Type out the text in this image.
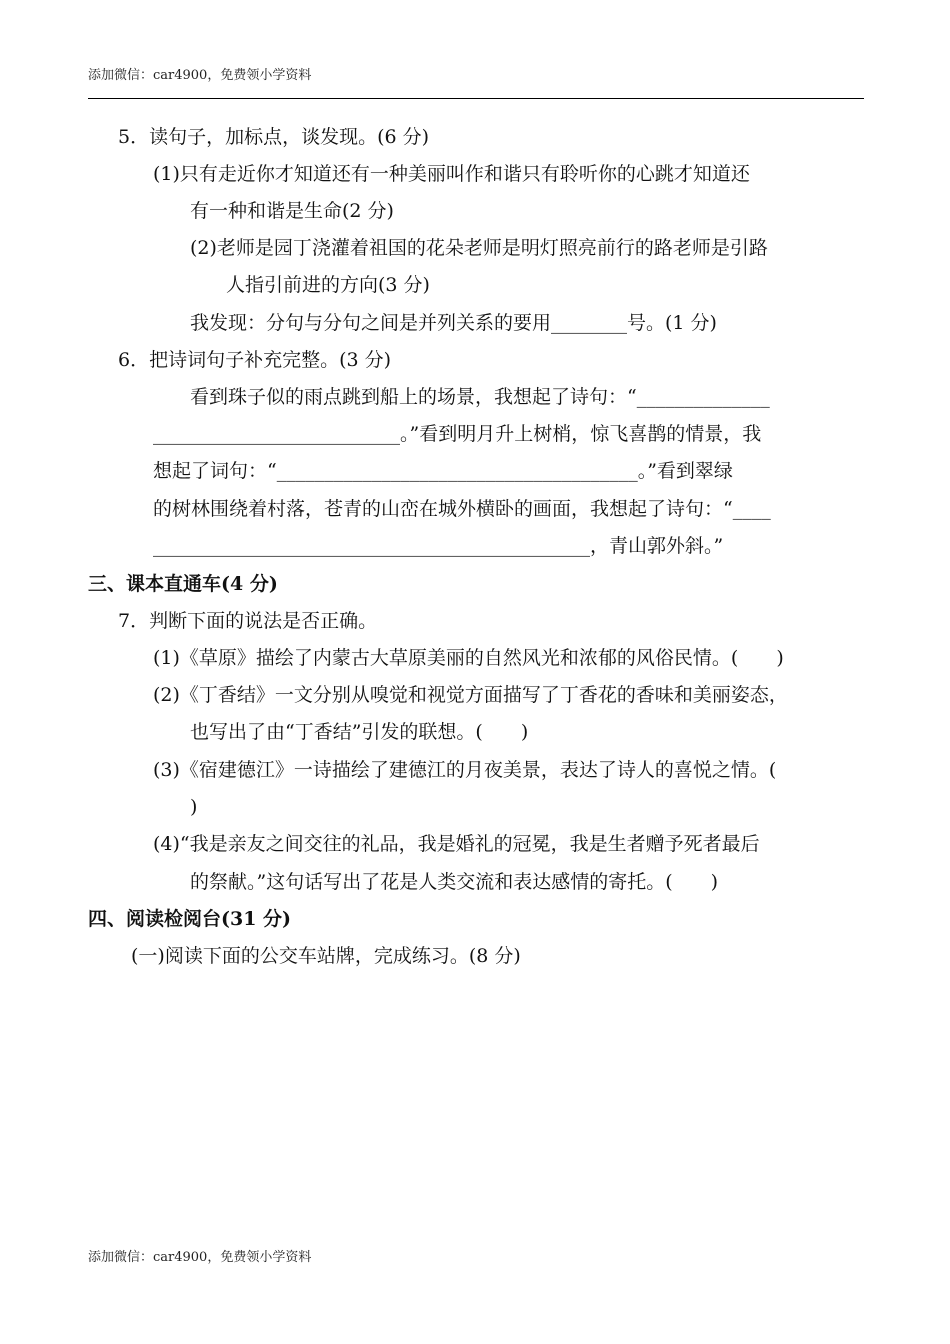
添加微信：car4900，免费领小学资料
5．读句子，加标点，谈发现。(6 分)
(1)只有走近你才知道还有一种美丽叫作和谐只有聆听你的心跳才知道还
有一种和谐是生命(2 分)
(2)老师是园丁浇灌着祖国的花朵老师是明灯照亮前行的路老师是引路
人指引前进的方向(3 分)
我发现：分句与分句之间是并列关系的要用________号。(1 分)
6．把诗词句子补充完整。(3 分)
看到珠子似的雨点跳到船上的场景，我想起了诗句：“______________
__________________________。”看到明月升上树梢，惊飞喜鹊的情景，我
想起了词句：“______________________________________。”看到翠绿
的树林围绕着村落，苍青的山峦在城外横卧的画面，我想起了诗句：“____
______________________________________________，青山郭外斜。”
三、课本直通车(4 分)
7．判断下面的说法是否正确。
(1)《草原》描绘了内蒙古大草原美丽的自然风光和浓郁的风俗民情。(　　)
(2)《丁香结》一文分别从嗅觉和视觉方面描写了丁香花的香味和美丽姿态，
也写出了由“丁香结”引发的联想。(　　)
(3)《宿建德江》一诗描绘了建德江的月夜美景，表达了诗人的喜悦之情。(
)
(4)“我是亲友之间交往的礼品，我是婚礼的冠冕，我是生者赠予死者最后
的祭献。”这句话写出了花是人类交流和表达感情的寄托。(　　)
四、阅读检阅台(31 分)
(一)阅读下面的公交车站牌，完成练习。(8 分)
添加微信：car4900，免费领小学资料
